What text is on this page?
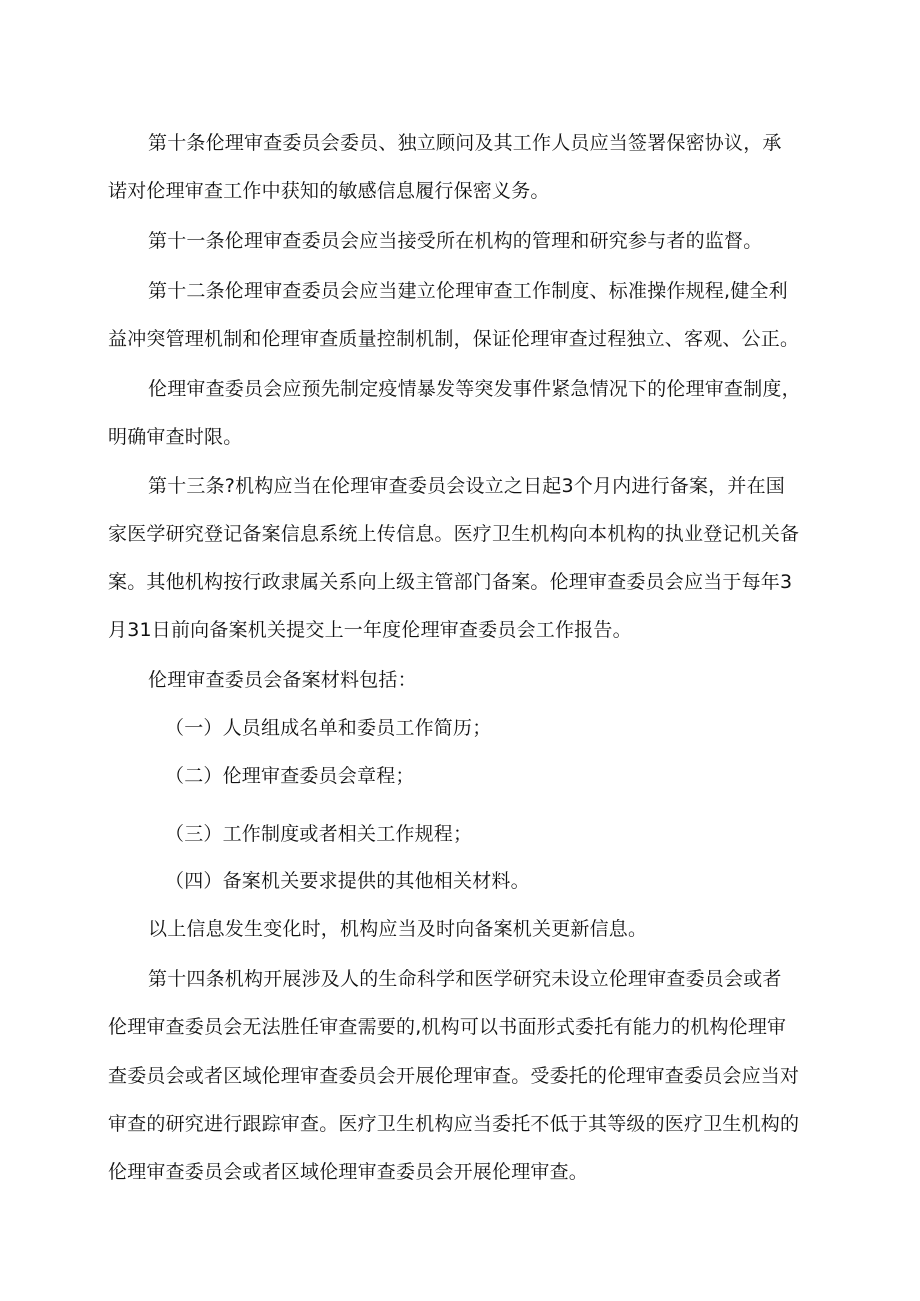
第十条伦理审查委员会委员、独立顾问及其工作人员应当签署保密协议，承
诺对伦理审查工作中获知的敏感信息履行保密义务。
第十一条伦理审查委员会应当接受所在机构的管理和研究参与者的监督。
第十二条伦理审查委员会应当建立伦理审查工作制度、标准操作规程,健全利
益冲突管理机制和伦理审查质量控制机制，保证伦理审查过程独立、客观、公正。
伦理审查委员会应预先制定疫情暴发等突发事件紧急情况下的伦理审查制度，
明确审查时限。
第十三条?机构应当在伦理审查委员会设立之日起3个月内进行备案，并在国
家医学研究登记备案信息系统上传信息。医疗卫生机构向本机构的执业登记机关备
案。其他机构按行政隶属关系向上级主管部门备案。伦理审查委员会应当于每年3
月31日前向备案机关提交上一年度伦理审查委员会工作报告。
伦理审查委员会备案材料包括：
（一）人员组成名单和委员工作简历；
（二）伦理审查委员会章程；
（三）工作制度或者相关工作规程；
（四）备案机关要求提供的其他相关材料。
以上信息发生变化时，机构应当及时向备案机关更新信息。
第十四条机构开展涉及人的生命科学和医学研究未设立伦理审查委员会或者
伦理审查委员会无法胜任审查需要的,机构可以书面形式委托有能力的机构伦理审
查委员会或者区域伦理审查委员会开展伦理审查。受委托的伦理审查委员会应当对
审查的研究进行跟踪审查。医疗卫生机构应当委托不低于其等级的医疗卫生机构的
伦理审查委员会或者区域伦理审查委员会开展伦理审查。
